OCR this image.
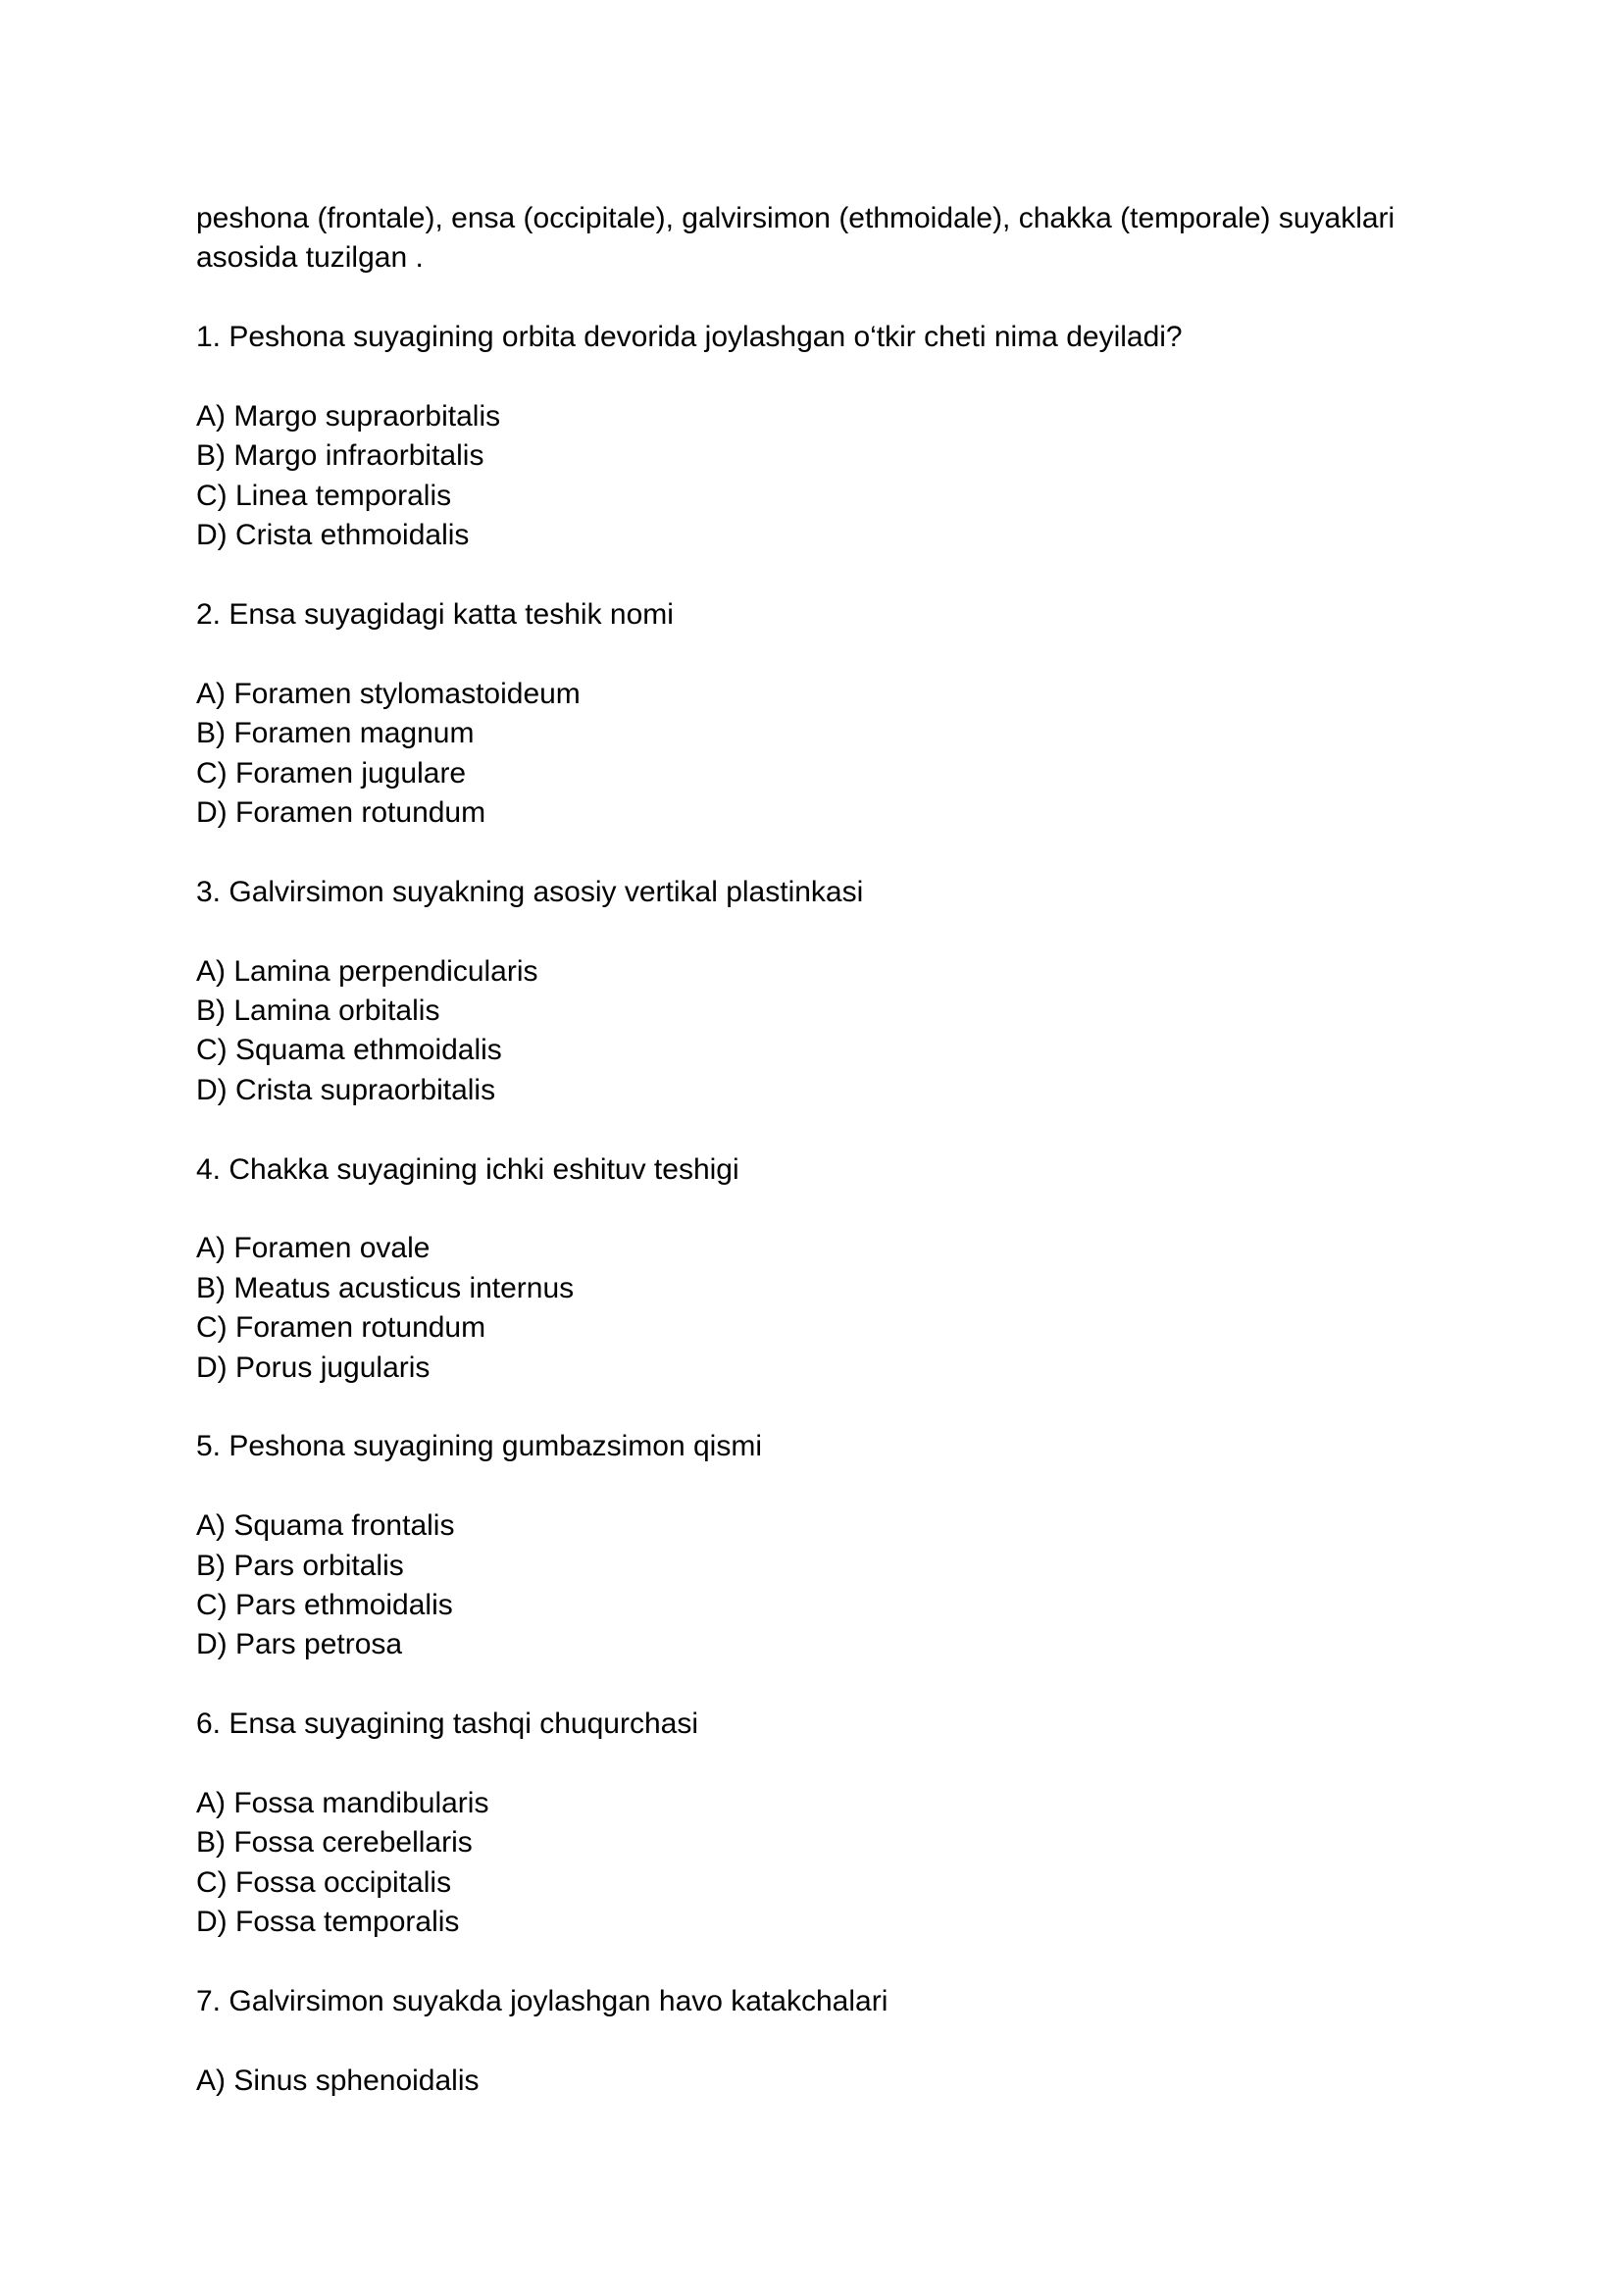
peshona (frontale), ensa (occipitale), galvirsimon (ethmoidale), chakka (temporale) suyaklari
asosida tuzilgan .
1. Peshona suyagining orbita devorida joylashgan o‘tkir cheti nima deyiladi?
A) Margo supraorbitalis
B) Margo infraorbitalis
C) Linea temporalis
D) Crista ethmoidalis
2. Ensa suyagidagi katta teshik nomi
A) Foramen stylomastoideum
B) Foramen magnum
C) Foramen jugulare
D) Foramen rotundum
3. Galvirsimon suyakning asosiy vertikal plastinkasi
A) Lamina perpendicularis
B) Lamina orbitalis
C) Squama ethmoidalis
D) Crista supraorbitalis
4. Chakka suyagining ichki eshituv teshigi
A) Foramen ovale
B) Meatus acusticus internus
C) Foramen rotundum
D) Porus jugularis
5. Peshona suyagining gumbazsimon qismi
A) Squama frontalis
B) Pars orbitalis
C) Pars ethmoidalis
D) Pars petrosa
6. Ensa suyagining tashqi chuqurchasi
A) Fossa mandibularis
B) Fossa cerebellaris
C) Fossa occipitalis
D) Fossa temporalis
7. Galvirsimon suyakda joylashgan havo katakchalari
A) Sinus sphenoidalis
